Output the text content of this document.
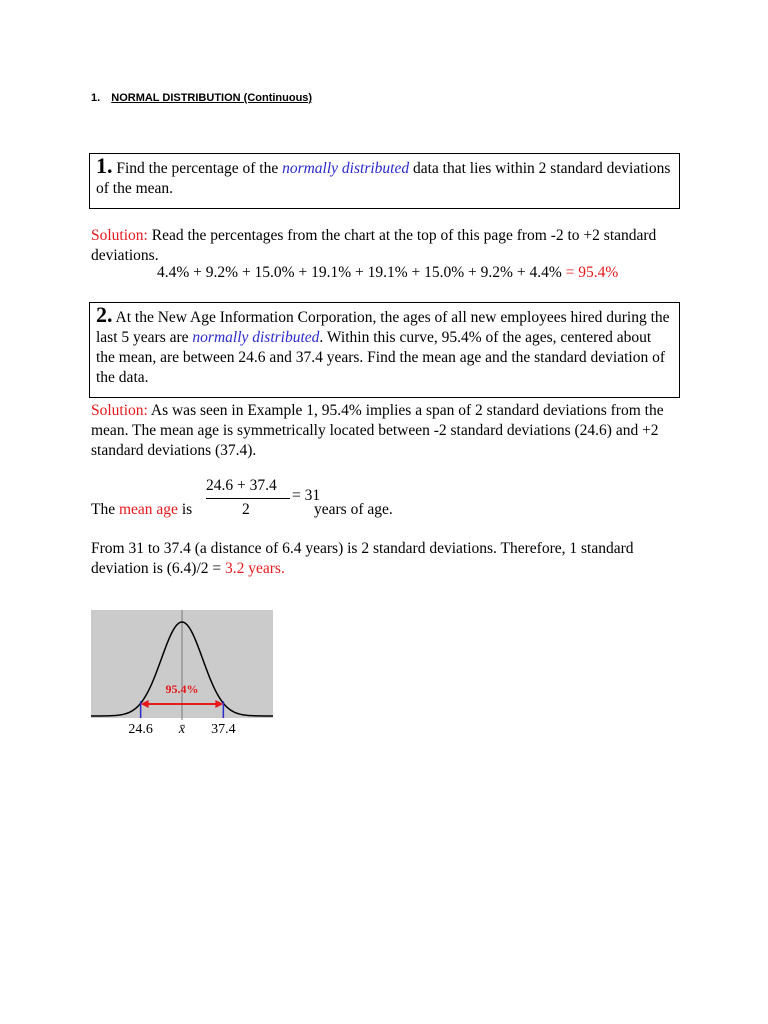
1. NORMAL DISTRIBUTION (Continuous)
1. Find the percentage of the normally distributed data that lies within 2 standard deviations of the mean.
Solution: Read the percentages from the chart at the top of this page from -2 to +2 standard deviations.
4.4% + 9.2% + 15.0% + 19.1% + 19.1% + 15.0% + 9.2% + 4.4% = 95.4%
2. At the New Age Information Corporation, the ages of all new employees hired during the last 5 years are normally distributed. Within this curve, 95.4% of the ages, centered about the mean, are between 24.6 and 37.4 years. Find the mean age and the standard deviation of the data.
Solution: As was seen in Example 1, 95.4% implies a span of 2 standard deviations from the mean. The mean age is symmetrically located between -2 standard deviations (24.6) and +2 standard deviations (37.4).
24.6 + 37.4
2
= 31
The mean age is	years of age.
From 31 to 37.4 (a distance of 6.4 years) is 2 standard deviations. Therefore, 1 standard deviation is (6.4)/2 = 3.2 years.
95.4%
24.6 x̄ 37.4
